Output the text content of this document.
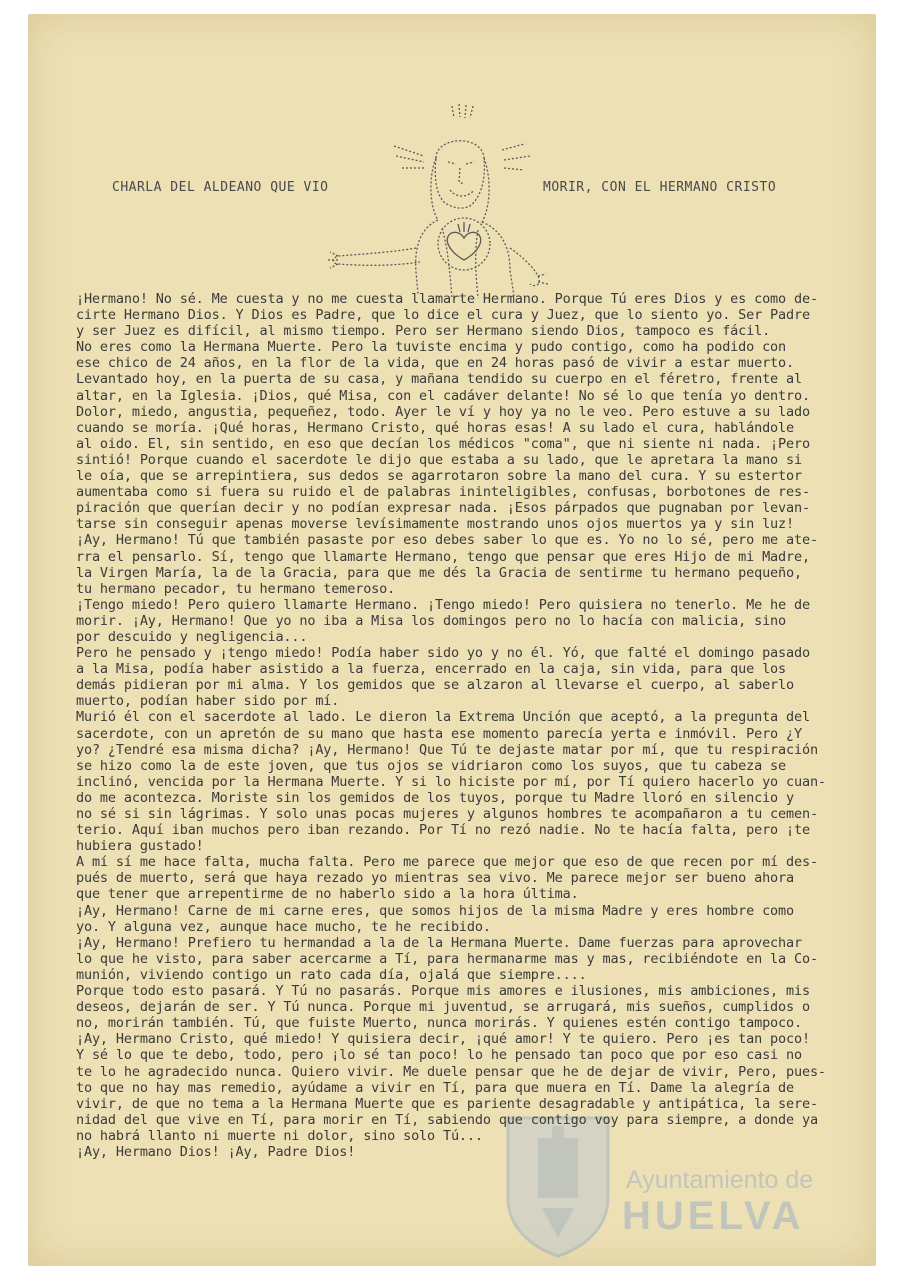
Ayuntamiento de
HUELVA
CHARLA DEL ALDEANO QUE VIO	MORIR, CON EL HERMANO CRISTO

¡Hermano! No sé. Me cuesta y no me cuesta llamarte Hermano. Porque Tú eres Dios y es como de-

cirte Hermano Dios. Y Dios es Padre, que lo dice el cura y Juez, que lo siento yo. Ser Padre

y ser Juez es difícil, al mismo tiempo. Pero ser Hermano siendo Dios, tampoco es fácil.

No eres como la Hermana Muerte. Pero la tuviste encima y pudo contigo, como ha podido con

ese chico de 24 años, en la flor de la vida, que en 24 horas pasó de vivir a estar muerto.

Levantado hoy, en la puerta de su casa, y mañana tendido su cuerpo en el féretro, frente al

altar, en la Iglesia. ¡Dios, qué Misa, con el cadáver delante! No sé lo que tenía yo dentro.

Dolor, miedo, angustia, pequeñez, todo. Ayer le ví y hoy ya no le veo. Pero estuve a su lado

cuando se moría. ¡Qué horas, Hermano Cristo, qué horas esas! A su lado el cura, hablándole

al oido. El, sin sentido, en eso que decían los médicos "coma", que ni siente ni nada. ¡Pero

sintió! Porque cuando el sacerdote le dijo que estaba a su lado, que le apretara la mano si

le oía, que se arrepintiera, sus dedos se agarrotaron sobre la mano del cura. Y su estertor

aumentaba como si fuera su ruido el de palabras ininteligibles, confusas, borbotones de res-

piración que querían decir y no podían expresar nada. ¡Esos párpados que pugnaban por levan-

tarse sin conseguir apenas moverse levísimamente mostrando unos ojos muertos ya y sin luz!

¡Ay, Hermano! Tú que también pasaste por eso debes saber lo que es. Yo no lo sé, pero me ate-

rra el pensarlo. Sí, tengo que llamarte Hermano, tengo que pensar que eres Hijo de mi Madre,

la Virgen María, la de la Gracia, para que me dés la Gracia de sentirme tu hermano pequeño,

tu hermano pecador, tu hermano temeroso.

¡Tengo miedo! Pero quiero llamarte Hermano. ¡Tengo miedo! Pero quisiera no tenerlo. Me he de

morir. ¡Ay, Hermano! Que yo no iba a Misa los domingos pero no lo hacía con malicia, sino

por descuido y negligencia...

Pero he pensado y ¡tengo miedo! Podía haber sido yo y no él. Yó, que falté el domingo pasado

a la Misa, podía haber asistido a la fuerza, encerrado en la caja, sin vida, para que los

demás pidieran por mi alma. Y los gemidos que se alzaron al llevarse el cuerpo, al saberlo

muerto, podían haber sido por mí.

Murió él con el sacerdote al lado. Le dieron la Extrema Unción que aceptó, a la pregunta del

sacerdote, con un apretón de su mano que hasta ese momento parecía yerta e inmóvil. Pero ¿Y

yo? ¿Tendré esa misma dicha? ¡Ay, Hermano! Que Tú te dejaste matar por mí, que tu respiración

se hizo como la de este joven, que tus ojos se vidriaron como los suyos, que tu cabeza se

inclinó, vencida por la Hermana Muerte. Y si lo hiciste por mí, por Tí quiero hacerlo yo cuan-

do me acontezca. Moriste sin los gemidos de los tuyos, porque tu Madre lloró en silencio y

no sé si sin lágrimas. Y solo unas pocas mujeres y algunos hombres te acompañaron a tu cemen-

terio. Aquí iban muchos pero iban rezando. Por Tí no rezó nadie. No te hacía falta, pero ¡te

hubiera gustado!

A mí sí me hace falta, mucha falta. Pero me parece que mejor que eso de que recen por mí des-

pués de muerto, será que haya rezado yo mientras sea vivo. Me parece mejor ser bueno ahora

que tener que arrepentirme de no haberlo sido a la hora última.

¡Ay, Hermano! Carne de mi carne eres, que somos hijos de la misma Madre y eres hombre como

yo. Y alguna vez, aunque hace mucho, te he recibido.

¡Ay, Hermano! Prefiero tu hermandad a la de la Hermana Muerte. Dame fuerzas para aprovechar

lo que he visto, para saber acercarme a Tí, para hermanarme mas y mas, recibiéndote en la Co-

munión, viviendo contigo un rato cada día, ojalá que siempre....

Porque todo esto pasará. Y Tú no pasarás. Porque mis amores e ilusiones, mis ambiciones, mis

deseos, dejarán de ser. Y Tú nunca. Porque mi juventud, se arrugará, mis sueños, cumplidos o

no, morirán también. Tú, que fuiste Muerto, nunca morirás. Y quienes estén contigo tampoco.

¡Ay, Hermano Cristo, qué miedo! Y quisiera decir, ¡qué amor! Y te quiero. Pero ¡es tan poco!

Y sé lo que te debo, todo, pero ¡lo sé tan poco! lo he pensado tan poco que por eso casi no

te lo he agradecido nunca. Quiero vivir. Me duele pensar que he de dejar de vivir, Pero, pues-

to que no hay mas remedio, ayúdame a vivir en Tí, para que muera en Tí. Dame la alegría de

vivir, de que no tema a la Hermana Muerte que es pariente desagradable y antipática, la sere-

nidad del que vive en Tí, para morir en Tí, sabiendo que contigo voy para siempre, a donde ya

no habrá llanto ni muerte ni dolor, sino solo Tú...

¡Ay, Hermano Dios! ¡Ay, Padre Dios!
